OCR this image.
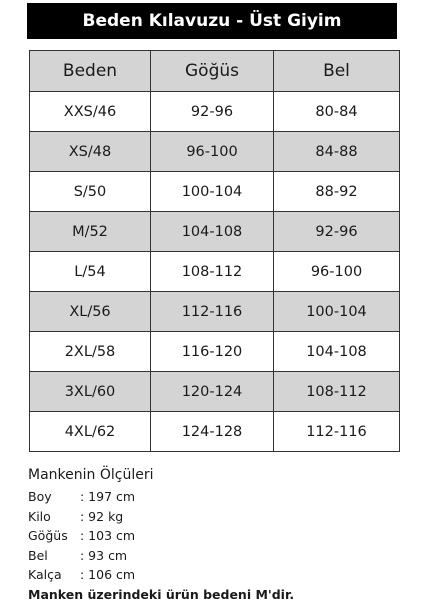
Beden Kılavuzu - Üst Giyim
Beden	Göğüs	Bel
XXS/46	92-96	80-84
XS/48	96-100	84-88
S/50	100-104	88-92
M/52	104-108	92-96
L/54	108-112	96-100
XL/56	112-116	100-104
2XL/58	116-120	104-108
3XL/60	120-124	108-112
4XL/62	124-128	112-116
Mankenin Ölçüleri
Boy	: 197 cm
Kilo	: 92 kg
Göğüs : 103 cm
Bel	: 93 cm
Kalça	: 106 cm
Manken üzerindeki ürün bedeni M'dir.
